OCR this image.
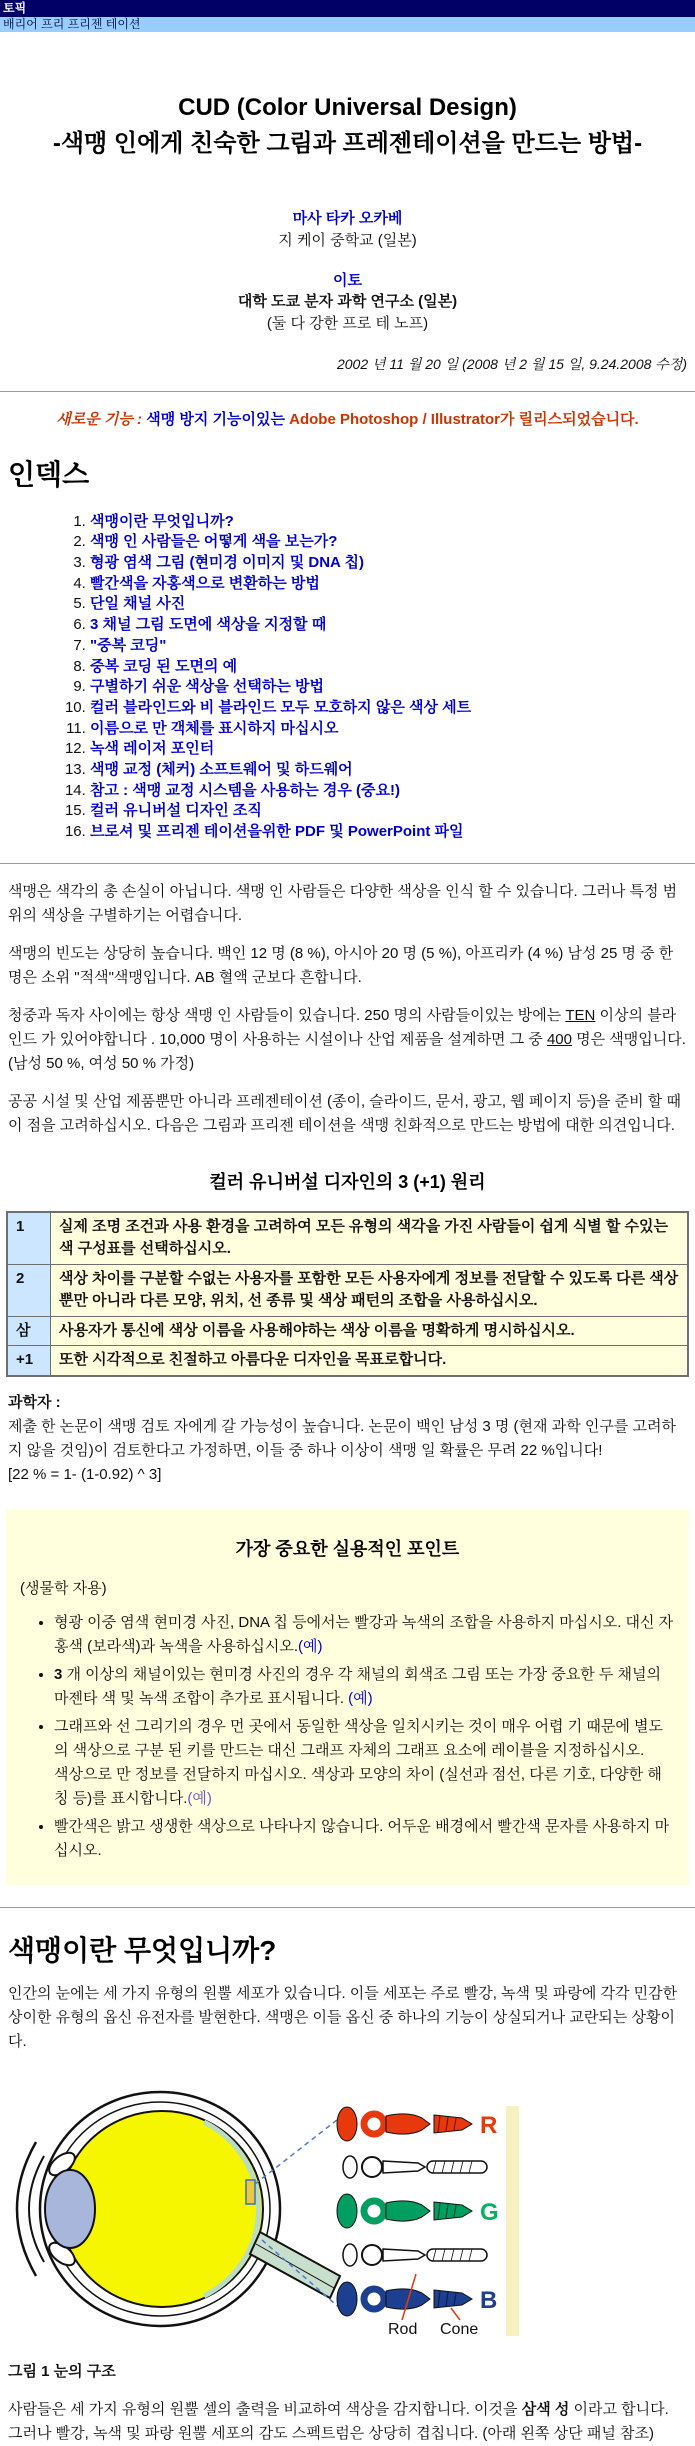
토픽
배리어 프리 프리젠 테이션
CUD (Color Universal Design)
-색맹 인에게 친숙한 그림과 프레젠테이션을 만드는 방법-
마사 타카 오카베
지 케이 중학교 (일본)
이토
대학 도쿄 분자 과학 연구소 (일본)
(둘 다 강한 프로 테 노프)
2002 년 11 월 20 일 (2008 년 2 월 15 일, 9.24.2008 수정)
새로운 기능 : 색맹 방지 기능이있는 Adobe Photoshop / Illustrator가 릴리스되었습니다.
인덱스
1. 색맹이란 무엇입니까?
2. 색맹 인 사람들은 어떻게 색을 보는가?
3. 형광 염색 그림 (현미경 이미지 및 DNA 칩)
4. 빨간색을 자홍색으로 변환하는 방법
5. 단일 채널 사진
6. 3 채널 그림 도면에 색상을 지정할 때
7. "중복 코딩"
8. 중복 코딩 된 도면의 예
9. 구별하기 쉬운 색상을 선택하는 방법
10. 컬러 블라인드와 비 블라인드 모두 모호하지 않은 색상 세트
11. 이름으로 만 객체를 표시하지 마십시오
12. 녹색 레이저 포인터
13. 색맹 교정 (체커) 소프트웨어 및 하드웨어
14. 참고 : 색맹 교정 시스템을 사용하는 경우 (중요!)
15. 컬러 유니버설 디자인 조직
16. 브로셔 및 프리젠 테이션을위한 PDF 및 PowerPoint 파일

색맹은 색각의 총 손실이 아닙니다. 색맹 인 사람들은 다양한 색상을 인식 할 수 있습니다. 그러나 특정 범위의 색상을 구별하기는 어렵습니다.

색맹의 빈도는 상당히 높습니다. 백인 12 명 (8 %), 아시아 20 명 (5 %), 아프리카 (4 %) 남성 25 명 중 한 명은 소위 "적색"색맹입니다. AB 혈액 군보다 흔합니다.

청중과 독자 사이에는 항상 색맹 인 사람들이 있습니다. 250 명의 사람들이있는 방에는 TEN 이상의 블라인드 가 있어야합니다 . 10,000 명이 사용하는 시설이나 산업 제품을 설계하면 그 중 400 명은 색맹입니다. (남성 50 %, 여성 50 % 가정)

공공 시설 및 산업 제품뿐만 아니라 프레젠테이션 (종이, 슬라이드, 문서, 광고, 웹 페이지 등)을 준비 할 때이 점을 고려하십시오. 다음은 그림과 프리젠 테이션을 색맹 친화적으로 만드는 방법에 대한 의견입니다.

컬러 유니버설 디자인의 3 (+1) 원리
1	실제 조명 조건과 사용 환경을 고려하여 모든 유형의 색각을 가진 사람들이 쉽게 식별 할 수있는 색 구성표를 선택하십시오.
2	색상 차이를 구분할 수없는 사용자를 포함한 모든 사용자에게 정보를 전달할 수 있도록 다른 색상뿐만 아니라 다른 모양, 위치, 선 종류 및 색상 패턴의 조합을 사용하십시오.
삼	사용자가 통신에 색상 이름을 사용해야하는 색상 이름을 명확하게 명시하십시오.
+1	또한 시각적으로 친절하고 아름다운 디자인을 목표로합니다.

과학자 :
제출 한 논문이 색맹 검토 자에게 갈 가능성이 높습니다. 논문이 백인 남성 3 명 (현재 과학 인구를 고려하지 않을 것임)이 검토한다고 가정하면, 이들 중 하나 이상이 색맹 일 확률은 무려 22 %입니다!
[22 % = 1- (1-0.92) ^ 3]

가장 중요한 실용적인 포인트
(생물학 자용)
• 형광 이중 염색 현미경 사진, DNA 칩 등에서는 빨강과 녹색의 조합을 사용하지 마십시오. 대신 자홍색 (보라색)과 녹색을 사용하십시오.(예)
• 3 개 이상의 채널이있는 현미경 사진의 경우 각 채널의 회색조 그림 또는 가장 중요한 두 채널의 마젠타 색 및 녹색 조합이 추가로 표시됩니다. (예)
• 그래프와 선 그리기의 경우 먼 곳에서 동일한 색상을 일치시키는 것이 매우 어렵 기 때문에 별도의 색상으로 구분 된 키를 만드는 대신 그래프 자체의 그래프 요소에 레이블을 지정하십시오.
색상으로 만 정보를 전달하지 마십시오. 색상과 모양의 차이 (실선과 점선, 다른 기호, 다양한 해칭 등)를 표시합니다.(예)
• 빨간색은 밝고 생생한 색상으로 나타나지 않습니다. 어두운 배경에서 빨간색 문자를 사용하지 마십시오.
색맹이란 무엇입니까?

인간의 눈에는 세 가지 유형의 원뿔 세포가 있습니다. 이들 세포는 주로 빨강, 녹색 및 파랑에 각각 민감한 상이한 유형의 옵신 유전자를 발현한다. 색맹은 이들 옵신 중 하나의 기능이 상실되거나 교란되는 상황이다.

R
G
B
Rod Cone
그림 1 눈의 구조

사람들은 세 가지 유형의 원뿔 셀의 출력을 비교하여 색상을 감지합니다. 이것을 삼색 성 이라고 합니다. 그러나 빨강, 녹색 및 파랑 원뿔 세포의 감도 스펙트럼은 상당히 겹칩니다. (아래 왼쪽 상단 패널 참조)
